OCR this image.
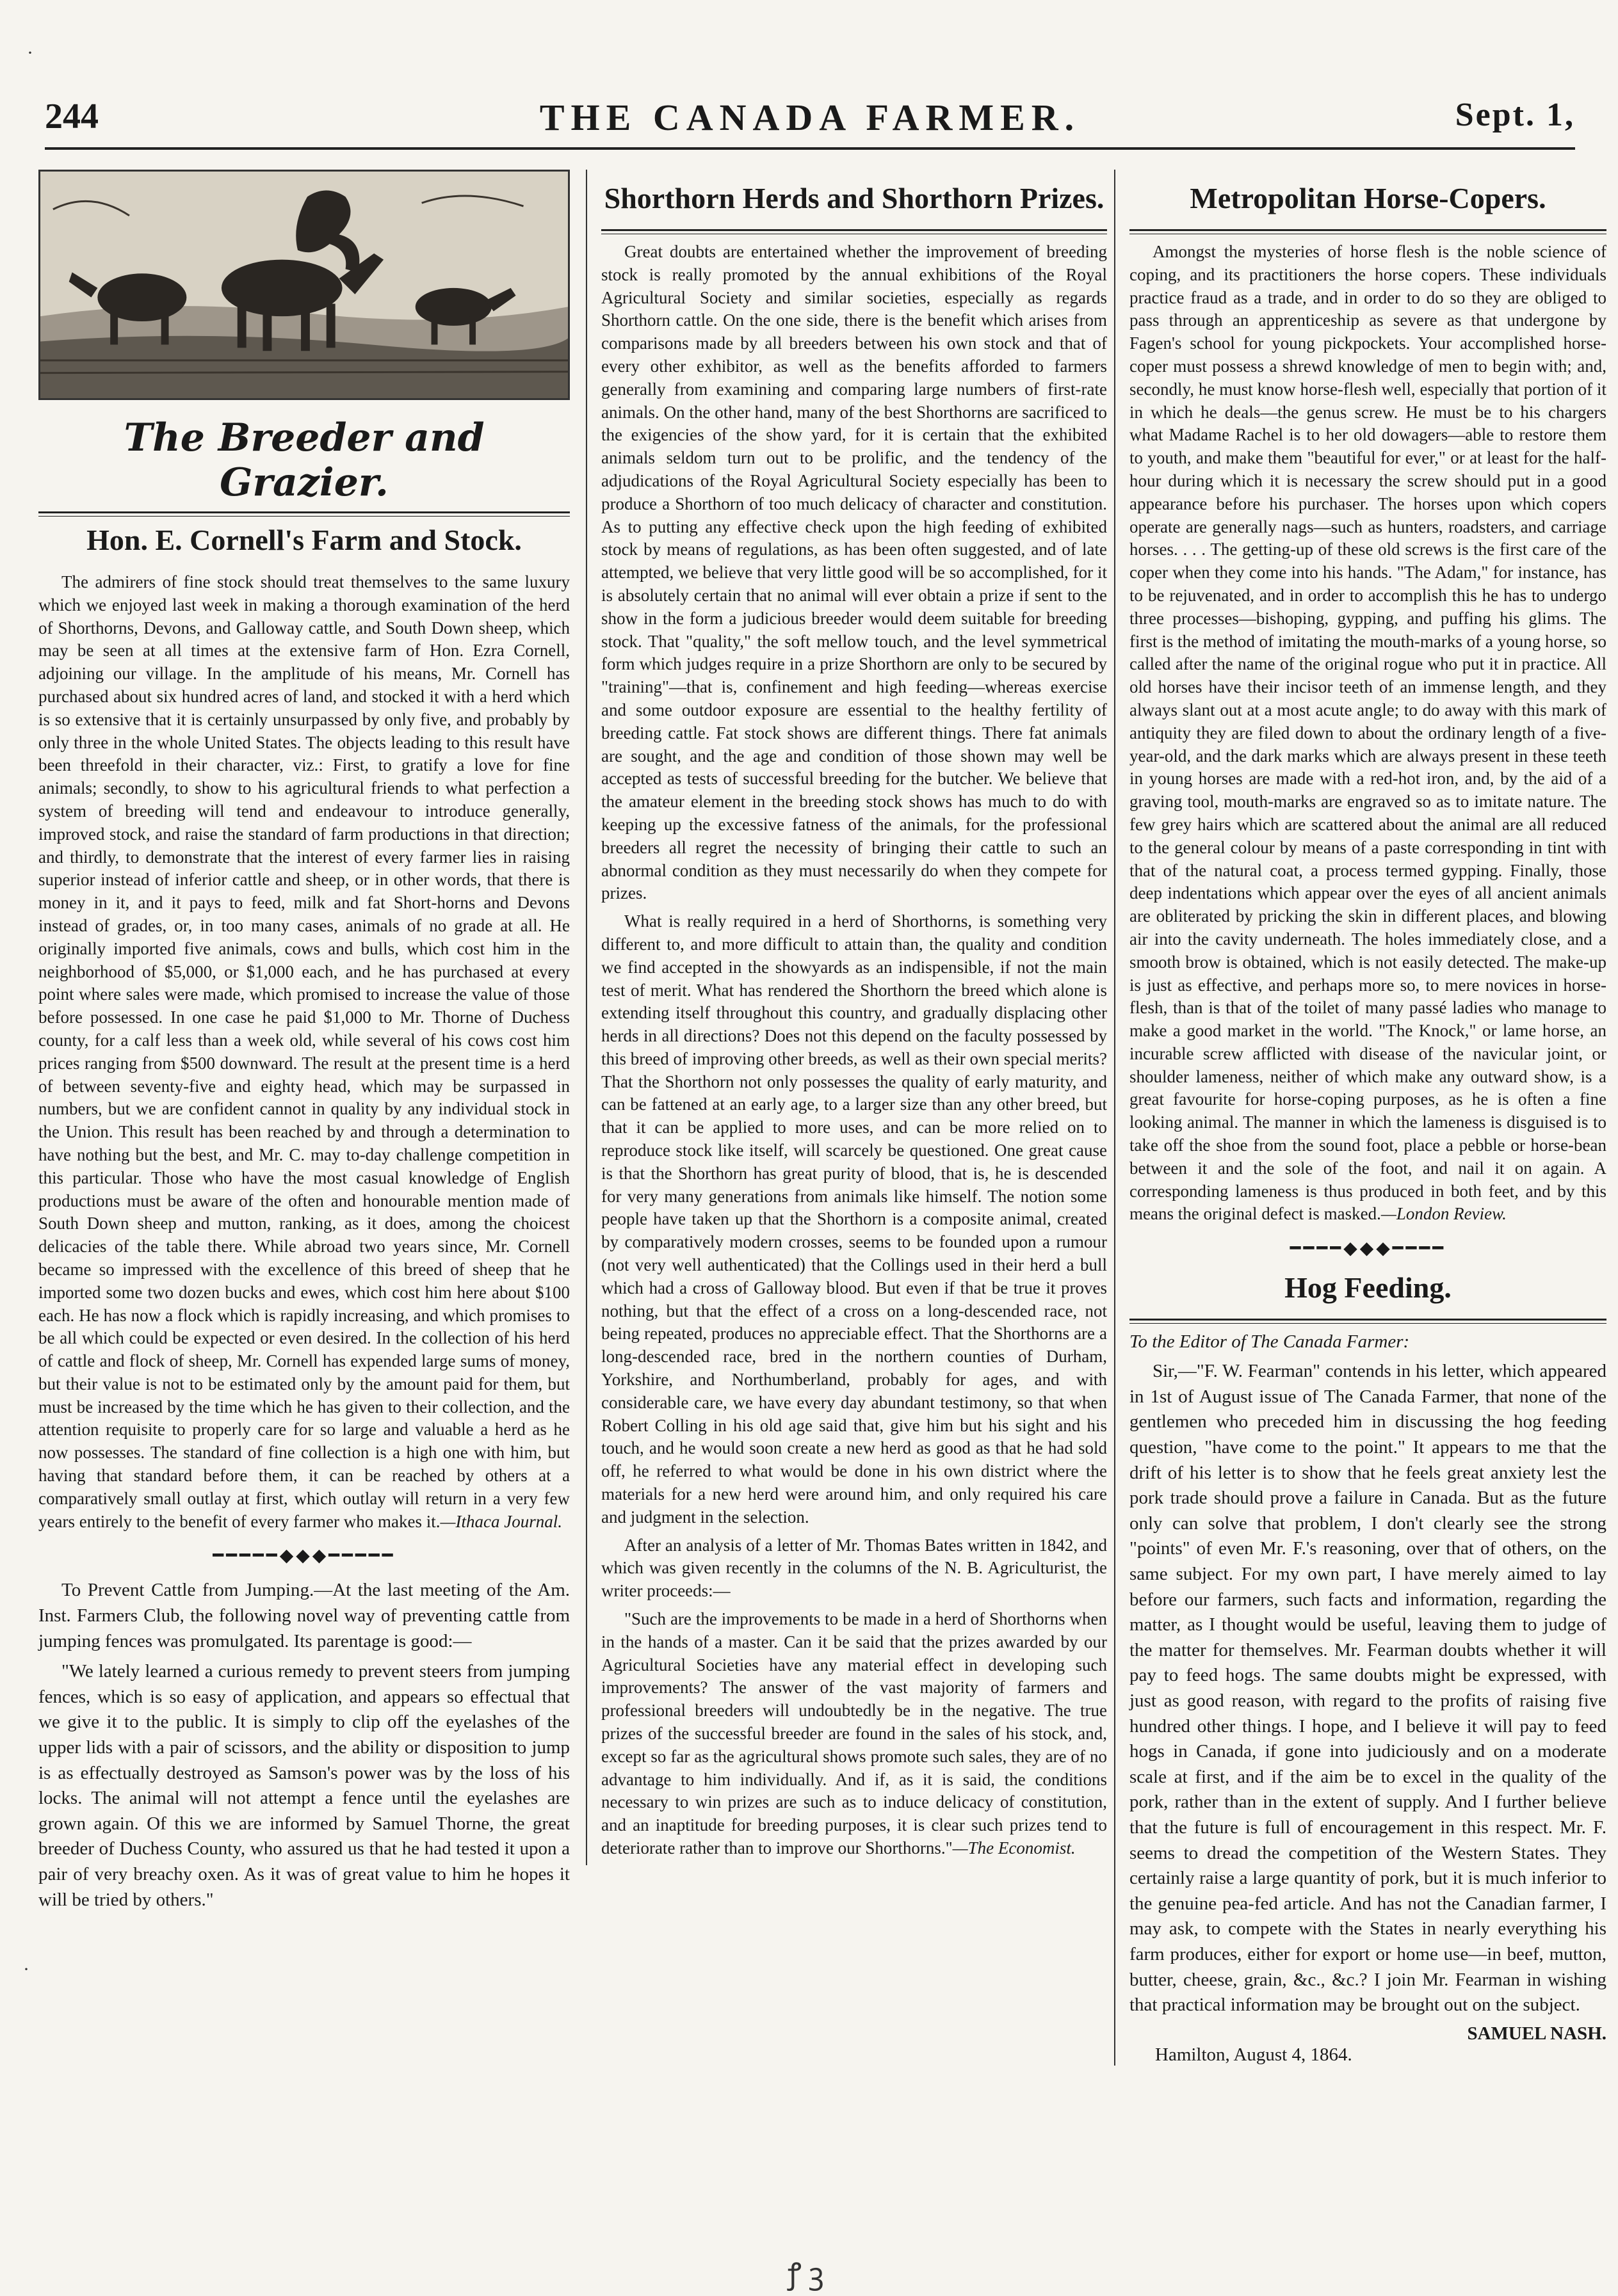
244	THE CANADA FARMER.	Sept. 1,
·
·
The Breeder and Grazier.
Hon. E. Cornell's Farm and Stock.

The admirers of fine stock should treat themselves to the same luxury which we enjoyed last week in making a thorough examination of the herd of Shorthorns, Devons, and Galloway cattle, and South Down sheep, which may be seen at all times at the extensive farm of Hon. Ezra Cornell, adjoining our village. In the amplitude of his means, Mr. Cornell has purchased about six hundred acres of land, and stocked it with a herd which is so extensive that it is certainly unsurpassed by only five, and probably by only three in the whole United States. The objects leading to this result have been threefold in their character, viz.: First, to gratify a love for fine animals; secondly, to show to his agricultural friends to what perfection a system of breeding will tend and endeavour to introduce generally, improved stock, and raise the standard of farm productions in that direction; and thirdly, to demonstrate that the interest of every farmer lies in raising superior instead of inferior cattle and sheep, or in other words, that there is money in it, and it pays to feed, milk and fat Short-horns and Devons instead of grades, or, in too many cases, animals of no grade at all. He originally imported five animals, cows and bulls, which cost him in the neighborhood of $5,000, or $1,000 each, and he has purchased at every point where sales were made, which promised to increase the value of those before possessed. In one case he paid $1,000 to Mr. Thorne of Duchess county, for a calf less than a week old, while several of his cows cost him prices ranging from $500 downward. The result at the present time is a herd of between seventy-five and eighty head, which may be surpassed in numbers, but we are confident cannot in quality by any individual stock in the Union. This result has been reached by and through a determination to have nothing but the best, and Mr. C. may to-day challenge competition in this particular. Those who have the most casual knowledge of English productions must be aware of the often and honourable mention made of South Down sheep and mutton, ranking, as it does, among the choicest delicacies of the table there. While abroad two years since, Mr. Cornell became so impressed with the excellence of this breed of sheep that he imported some two dozen bucks and ewes, which cost him here about $100 each. He has now a flock which is rapidly increasing, and which promises to be all which could be expected or even desired. In the collection of his herd of cattle and flock of sheep, Mr. Cornell has expended large sums of money, but their value is not to be estimated only by the amount paid for them, but must be increased by the time which he has given to their collection, and the attention requisite to properly care for so large and valuable a herd as he now possesses. The standard of fine collection is a high one with him, but having that standard before them, it can be reached by others at a comparatively small outlay at first, which outlay will return in a very few years entirely to the benefit of every farmer who makes it.—Ithaca Journal.

━━━━━◆◆◆━━━━━

To Prevent Cattle from Jumping.—At the last meeting of the Am. Inst. Farmers Club, the following novel way of preventing cattle from jumping fences was promulgated. Its parentage is good:—

"We lately learned a curious remedy to prevent steers from jumping fences, which is so easy of application, and appears so effectual that we give it to the public. It is simply to clip off the eyelashes of the upper lids with a pair of scissors, and the ability or disposition to jump is as effectually destroyed as Samson's power was by the loss of his locks. The animal will not attempt a fence until the eyelashes are grown again. Of this we are informed by Samuel Thorne, the great breeder of Duchess County, who assured us that he had tested it upon a pair of very breachy oxen. As it was of great value to him he hopes it will be tried by others."

Shorthorn Herds and Shorthorn Prizes.

Great doubts are entertained whether the improvement of breeding stock is really promoted by the annual exhibitions of the Royal Agricultural Society and similar societies, especially as regards Shorthorn cattle. On the one side, there is the benefit which arises from comparisons made by all breeders between his own stock and that of every other exhibitor, as well as the benefits afforded to farmers generally from examining and comparing large numbers of first-rate animals. On the other hand, many of the best Shorthorns are sacrificed to the exigencies of the show yard, for it is certain that the exhibited animals seldom turn out to be prolific, and the tendency of the adjudications of the Royal Agricultural Society especially has been to produce a Shorthorn of too much delicacy of character and constitution. As to putting any effective check upon the high feeding of exhibited stock by means of regulations, as has been often suggested, and of late attempted, we believe that very little good will be so accomplished, for it is absolutely certain that no animal will ever obtain a prize if sent to the show in the form a judicious breeder would deem suitable for breeding stock. That "quality," the soft mellow touch, and the level symmetrical form which judges require in a prize Shorthorn are only to be secured by "training"—that is, confinement and high feeding—whereas exercise and some outdoor exposure are essential to the healthy fertility of breeding cattle. Fat stock shows are different things. There fat animals are sought, and the age and condition of those shown may well be accepted as tests of successful breeding for the butcher. We believe that the amateur element in the breeding stock shows has much to do with keeping up the excessive fatness of the animals, for the professional breeders all regret the necessity of bringing their cattle to such an abnormal condition as they must necessarily do when they compete for prizes.

What is really required in a herd of Shorthorns, is something very different to, and more difficult to attain than, the quality and condition we find accepted in the showyards as an indispensible, if not the main test of merit. What has rendered the Shorthorn the breed which alone is extending itself throughout this country, and gradually displacing other herds in all directions? Does not this depend on the faculty possessed by this breed of improving other breeds, as well as their own special merits? That the Shorthorn not only possesses the quality of early maturity, and can be fattened at an early age, to a larger size than any other breed, but that it can be applied to more uses, and can be more relied on to reproduce stock like itself, will scarcely be questioned. One great cause is that the Shorthorn has great purity of blood, that is, he is descended for very many generations from animals like himself. The notion some people have taken up that the Shorthorn is a composite animal, created by comparatively modern crosses, seems to be founded upon a rumour (not very well authenticated) that the Collings used in their herd a bull which had a cross of Galloway blood. But even if that be true it proves nothing, but that the effect of a cross on a long-descended race, not being repeated, produces no appreciable effect. That the Shorthorns are a long-descended race, bred in the northern counties of Durham, Yorkshire, and Northumberland, probably for ages, and with considerable care, we have every day abundant testimony, so that when Robert Colling in his old age said that, give him but his sight and his touch, and he would soon create a new herd as good as that he had sold off, he referred to what would be done in his own district where the materials for a new herd were around him, and only required his care and judgment in the selection.

After an analysis of a letter of Mr. Thomas Bates written in 1842, and which was given recently in the columns of the N. B. Agriculturist, the writer proceeds:—

"Such are the improvements to be made in a herd of Shorthorns when in the hands of a master. Can it be said that the prizes awarded by our Agricultural Societies have any material effect in developing such improvements? The answer of the vast majority of farmers and professional breeders will undoubtedly be in the negative. The true prizes of the successful breeder are found in the sales of his stock, and, except so far as the agricultural shows promote such sales, they are of no advantage to him individually. And if, as it is said, the conditions necessary to win prizes are such as to induce delicacy of constitution, and an inaptitude for breeding purposes, it is clear such prizes tend to deteriorate rather than to improve our Shorthorns."—The Economist.

Metropolitan Horse-Copers.

Amongst the mysteries of horse flesh is the noble science of coping, and its practitioners the horse copers. These individuals practice fraud as a trade, and in order to do so they are obliged to pass through an apprenticeship as severe as that undergone by Fagen's school for young pickpockets. Your accomplished horse-coper must possess a shrewd knowledge of men to begin with; and, secondly, he must know horse-flesh well, especially that portion of it in which he deals—the genus screw. He must be to his chargers what Madame Rachel is to her old dowagers—able to restore them to youth, and make them "beautiful for ever," or at least for the half-hour during which it is necessary the screw should put in a good appearance before his purchaser. The horses upon which copers operate are generally nags—such as hunters, roadsters, and carriage horses. . . . The getting-up of these old screws is the first care of the coper when they come into his hands. "The Adam," for instance, has to be rejuvenated, and in order to accomplish this he has to undergo three processes—bishoping, gypping, and puffing his glims. The first is the method of imitating the mouth-marks of a young horse, so called after the name of the original rogue who put it in practice. All old horses have their incisor teeth of an immense length, and they always slant out at a most acute angle; to do away with this mark of antiquity they are filed down to about the ordinary length of a five-year-old, and the dark marks which are always present in these teeth in young horses are made with a red-hot iron, and, by the aid of a graving tool, mouth-marks are engraved so as to imitate nature. The few grey hairs which are scattered about the animal are all reduced to the general colour by means of a paste corresponding in tint with that of the natural coat, a process termed gypping. Finally, those deep indentations which appear over the eyes of all ancient animals are obliterated by pricking the skin in different places, and blowing air into the cavity underneath. The holes immediately close, and a smooth brow is obtained, which is not easily detected. The make-up is just as effective, and perhaps more so, to mere novices in horse-flesh, than is that of the toilet of many passé ladies who manage to make a good market in the world. "The Knock," or lame horse, an incurable screw afflicted with disease of the navicular joint, or shoulder lameness, neither of which make any outward show, is a great favourite for horse-coping purposes, as he is often a fine looking animal. The manner in which the lameness is disguised is to take off the shoe from the sound foot, place a pebble or horse-bean between it and the sole of the foot, and nail it on again. A corresponding lameness is thus produced in both feet, and by this means the original defect is masked.—London Review.

━━━━◆◆◆━━━━
Hog Feeding.
To the Editor of The Canada Farmer:

Sir,—"F. W. Fearman" contends in his letter, which appeared in 1st of August issue of The Canada Farmer, that none of the gentlemen who preceded him in discussing the hog feeding question, "have come to the point." It appears to me that the drift of his letter is to show that he feels great anxiety lest the pork trade should prove a failure in Canada. But as the future only can solve that problem, I don't clearly see the strong "points" of even Mr. F.'s reasoning, over that of others, on the same subject. For my own part, I have merely aimed to lay before our farmers, such facts and information, regarding the matter, as I thought would be useful, leaving them to judge of the matter for themselves. Mr. Fearman doubts whether it will pay to feed hogs. The same doubts might be expressed, with just as good reason, with regard to the profits of raising five hundred other things. I hope, and I believe it will pay to feed hogs in Canada, if gone into judiciously and on a moderate scale at first, and if the aim be to excel in the quality of the pork, rather than in the extent of supply. And I further believe that the future is full of encouragement in this respect. Mr. F. seems to dread the competition of the Western States. They certainly raise a large quantity of pork, but it is much inferior to the genuine pea-fed article. And has not the Canadian farmer, I may ask, to compete with the States in nearly everything his farm produces, either for export or home use—in beef, mutton, butter, cheese, grain, &c., &c.? I join Mr. Fearman in wishing that practical information may be brought out on the subject.

SAMUEL NASH.
Hamilton, August 4, 1864.
ꝭ ꝫ
